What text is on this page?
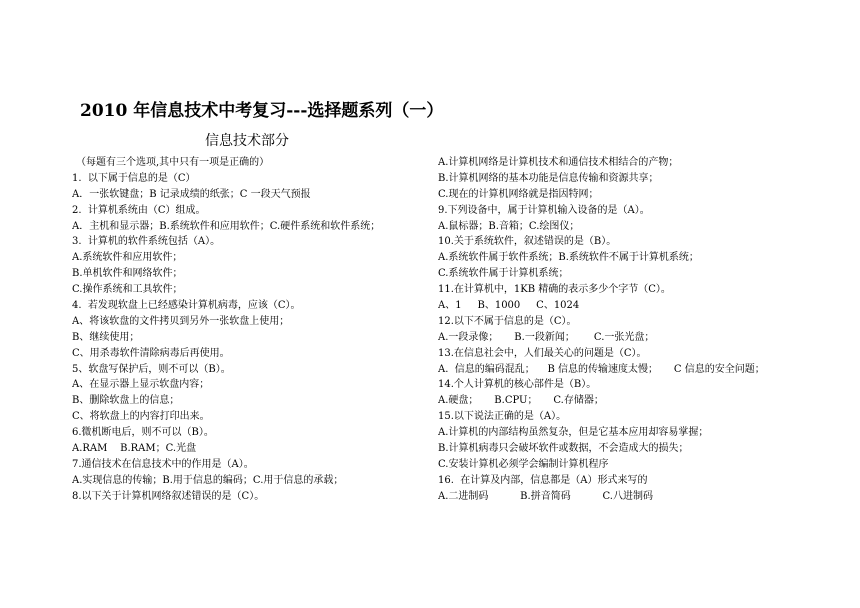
2010 年信息技术中考复习---选择题系列（一）
信息技术部分
（每题有三个选项,其中只有一项是正确的）
1.  以下属于信息的是（C）
A．一张软键盘；B 记录成绩的纸张；C 一段天气预报
2.  计算机系统由（C）组成。
A．主机和显示器；B.系统软件和应用软件；C.硬件系统和软件系统；
3.  计算机的软件系统包括（A）。
A.系统软件和应用软件；
B.单机软件和网络软件；
C.操作系统和工具软件；
4.  若发现软盘上已经感染计算机病毒，应该（C）。
A、将该软盘的文件拷贝到另外一张软盘上使用；
B、继续使用；
C、用杀毒软件清除病毒后再使用。
5、软盘写保护后，则不可以（B）。
A、在显示器上显示软盘内容；
B、删除软盘上的信息；
C、将软盘上的内容打印出来。
6.微机断电后，则不可以（B）。
A.RAM    B.RAM；C.光盘
7.通信技术在信息技术中的作用是（A）。
A.实现信息的传输；B.用于信息的编码；C.用于信息的承载；
8.以下关于计算机网络叙述错误的是（C）。
A.计算机网络是计算机技术和通信技术相结合的产物；
B.计算机网络的基本功能是信息传输和资源共享；
C.现在的计算机网络就是指因特网；
9.下列设备中，属于计算机输入设备的是（A）。
A.鼠标器；B.音箱；C.绘图仪；
10.关于系统软件，叙述错误的是（B）。
A.系统软件属于软件系统；B.系统软件不属于计算机系统；
C.系统软件属于计算机系统；
11.在计算机中，1KB 精确的表示多少个字节（C）。
A、1     B、1000     C、1024
12.以下不属于信息的是（C）。
A.一段录像；     B.一段新闻；      C.一张光盘；
13.在信息社会中，人们最关心的问题是（C）。
A.  信息的编码混乱；    B 信息的传输速度太慢；     C 信息的安全问题；
14.个人计算机的核心部件是（B）。
A.硬盘；     B.CPU；     C.存储器；
15.以下说法正确的是（A）。
A.计算机的内部结构虽然复杂，但是它基本应用却容易掌握；
B.计算机病毒只会破坏软件或数据，不会造成大的损失；
C.安装计算机必须学会编制计算机程序
16.  在计算及内部，信息都是（A）形式来写的
A.二进制码          B.拼音简码          C.八进制码
